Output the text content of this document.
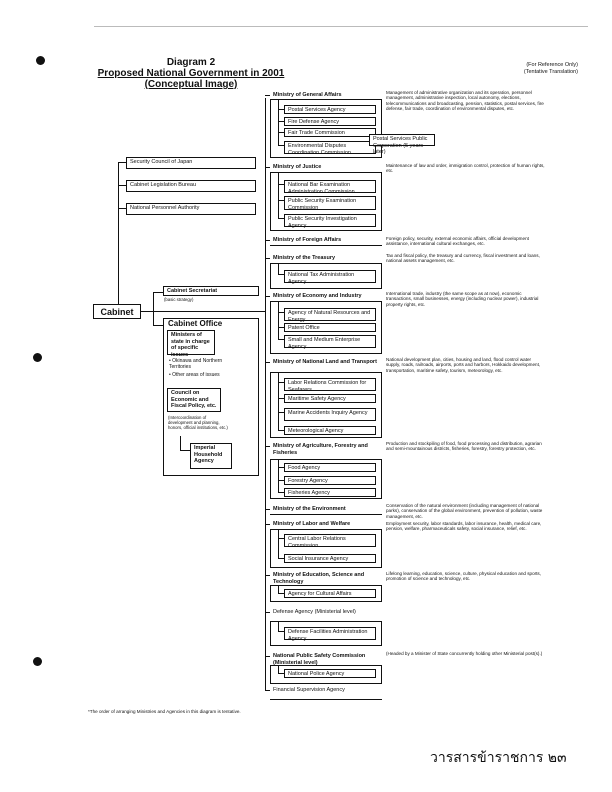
Diagram 2
Proposed National Government in 2001
(Conceptual Image)
(For Reference Only)
(Tentative Translation)
Security Council of Japan
Cabinet Legislation Bureau
National Personnel Authority
Cabinet
Cabinet Secretariat
(basic strategy)
Cabinet Office
Ministers of state in charge of specific issues
• Okinawa and Northern Territories
• Other areas of issues
Council on Economic and Fiscal Policy, etc.
(Intercoordination of development and planning, honors, official institutions, etc.)
Imperial Household Agency
Ministry of General Affairs
Postal Services Agency
Fire Defense Agency
Fair Trade Commission
Environmental Disputes Coordination Commission
Postal Services Public Corporation (5 years later)
Management of administrative organization and its operation, personnel management, administrative inspection, local autonomy, elections, telecommunications and broadcasting, pension, statistics, postal services, fire defense, fair trade, coordination of environmental disputes, etc.
Ministry of Justice
National Bar Examination Administration Commission
Public Security Examination Commission
Public Security Investigation Agency
Maintenance of law and order, immigration control, protection of human rights, etc.
Ministry of Foreign Affairs	Foreign policy, security, external economic affairs, official development assistance, international cultural exchanges, etc.
Ministry of the Treasury
National Tax Administration Agency
Tax and fiscal policy, the treasury and currency, fiscal investment and loans, national assets management, etc.
Ministry of Economy and Industry
Agency of Natural Resources and Energy
Patent Office
Small and Medium Enterprise Agency
International trade, industry (the same scope as at now), economic transactions, small businesses, energy (including nuclear power), industrial property rights, etc.
Ministry of National Land and Transport
Labor Relations Commission for Seafarers
Maritime Safety Agency
Marine Accidents Inquiry Agency
Meteorological Agency
National development plan, cities, housing and land, flood control water supply, roads, railroads, airports, ports and harbors, Hokkaido development, transportation, maritime safety, tourism, meteorology, etc.
Ministry of Agriculture, Forestry and Fisheries
Food Agency
Forestry Agency
Fisheries Agency
Production and stockpiling of food, food processing and distribution, agrarian and semi-mountainous districts, fisheries, forestry, forestry protection, etc.
Ministry of the Environment
Conservation of the natural environment (including management of national parks), conservation of the global environment, prevention of pollution, waste management, etc.
Ministry of Labor and Welfare
Central Labor Relations Commission
Social Insurance Agency
Employment security, labor standards, labor insurance, health, medical care, pension, welfare, pharmaceuticals safety, social insurance, relief, etc.
Ministry of Education, Science and Technology
Agency for Cultural Affairs
Lifelong learning, education, science, culture, physical education and sports, promotion of science and technology, etc.
Defense Agency (Ministerial level)
Defense Facilities Administration Agency
National Public Safety Commission (Ministerial level)
National Police Agency
(Headed by a Minister of State concurrently holding other Ministerial post(s).)
Financial Supervision Agency
*The order of arranging Ministries and Agencies in this diagram is tentative.
วารสารข้าราชการ ๒๓
